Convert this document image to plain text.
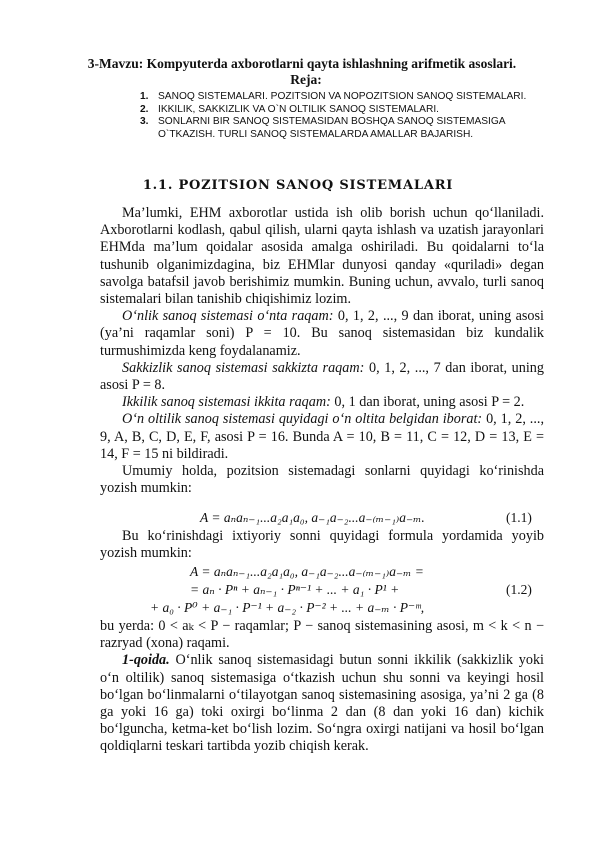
3-Mavzu: Kompyuterda axborotlarni qayta ishlashning arifmetik asoslari.
Reja:
1. SANOQ SISTEMALARI. POZITSION VA NOPOZITSION SANOQ SISTEMALARI.
2. IKKILIK, SAKKIZLIK VA O`N OLTILIK SANOQ SISTEMALARI.
3. SONLARNI BIR SANOQ SISTEMASIDAN BOSHQA SANOQ SISTEMASIGA O`TKAZISH. TURLI SANOQ SISTEMALARDA AMALLAR BAJARISH.
1.1. POZITSION SANOQ SISTEMALARI

Ma’lumki, EHM axborotlar ustida ish olib borish uchun qo‘llaniladi. Axborotlarni kodlash, qabul qilish, ularni qayta ishlash va uzatish jarayonlari EHMda ma’lum qoidalar asosida amalga oshiriladi. Bu qoidalarni to‘la tushunib olganimizdagina, biz EHMlar dunyosi qanday «quriladi» degan savolga batafsil javob berishimiz mumkin. Buning uchun, avvalo, turli sanoq sistemalari bilan tanishib chiqishimiz lozim.

O‘nlik sanoq sistemasi o‘nta raqam: 0, 1, 2, ..., 9 dan iborat, uning asosi (ya’ni raqamlar soni) P = 10. Bu sanoq sistemasidan biz kundalik turmushimizda keng foydalanamiz.

Sakkizlik sanoq sistemasi sakkizta raqam: 0, 1, 2, ..., 7 dan iborat, uning asosi P = 8.

Ikkilik sanoq sistemasi ikkita raqam: 0, 1 dan iborat, uning asosi P = 2.

O‘n oltilik sanoq sistemasi quyidagi o‘n oltita belgidan iborat: 0, 1, 2, ..., 9, A, B, C, D, E, F, asosi P = 16. Bunda A = 10, B = 11, C = 12, D = 13, E = 14, F = 15 ni bildiradi.

Umumiy holda, pozitsion sistemadagi sonlarni quyidagi ko‘rinishda yozish mumkin:

A = aₙaₙ₋₁...a₂a₁a₀, a₋₁a₋₂...a₋₍ₘ₋₁₎a₋ₘ.	(1.1)

Bu ko‘rinishdagi ixtiyoriy sonni quyidagi formula yordamida yoyib yozish mumkin:

A = aₙaₙ₋₁...a₂a₁a₀, a₋₁a₋₂...a₋₍ₘ₋₁₎a₋ₘ =
= aₙ · Pⁿ + aₙ₋₁ · Pⁿ⁻¹ + ... + a₁ · P¹ +	(1.2)
+ a₀ · P⁰ + a₋₁ · P⁻¹ + a₋₂ · P⁻² + ... + a₋ₘ · P⁻ᵐ,

bu yerda: 0 < aₖ < P − raqamlar; P − sanoq sistemasining asosi, m < k < n − razryad (xona) raqami.

1-qoida. O‘nlik sanoq sistemasidagi butun sonni ikkilik (sakkizlik yoki o‘n oltilik) sanoq sistemasiga o‘tkazish uchun shu sonni va keyingi hosil bo‘lgan bo‘linmalarni o‘tilayotgan sanoq sistemasining asosiga, ya’ni 2 ga (8 ga yoki 16 ga) toki oxirgi bo‘linma 2 dan (8 dan yoki 16 dan) kichik bo‘lguncha, ketma-ket bo‘lish lozim. So‘ngra oxirgi natijani va hosil bo‘lgan qoldiqlarni teskari tartibda yozib chiqish kerak.
